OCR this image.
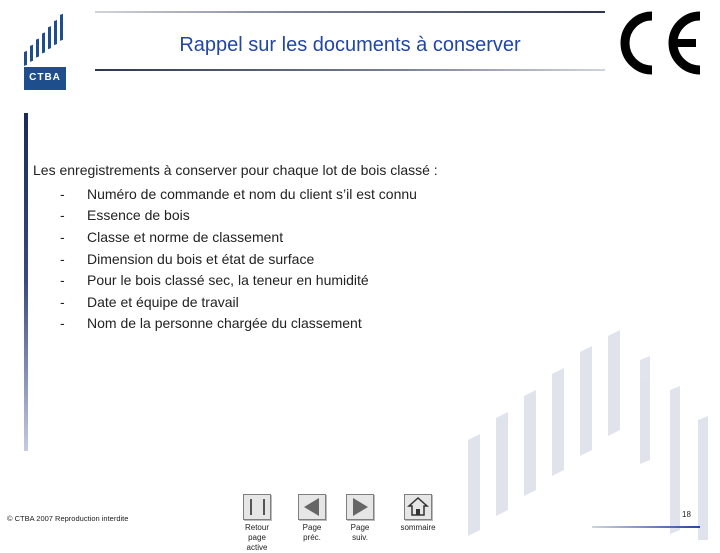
CTBA
Rappel sur les documents à conserver
Les enregistrements à conserver pour chaque lot de bois classé :
-	Numéro de commande et nom du client s’il est connu
-	Essence de bois
-	Classe et norme de classement
-	Dimension du bois et état de surface
-	Pour le bois classé sec, la teneur en humidité
-	Date et équipe de travail
-	Nom de la personne chargée du classement
© CTBA 2007 Reproduction interdite
Retour page
active
Page
préc.
Page
suiv.
sommaire
18
